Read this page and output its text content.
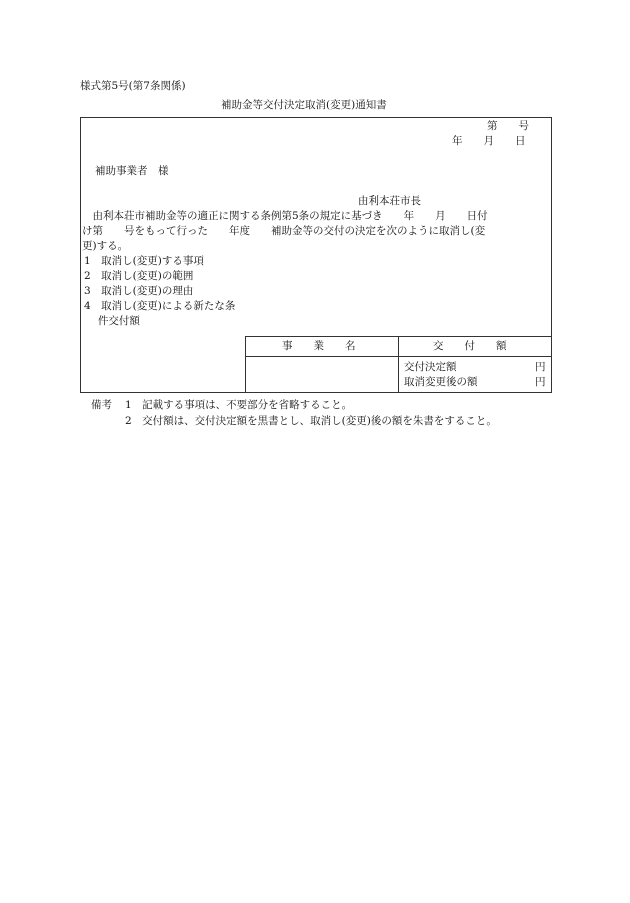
様式第5号(第7条関係)
補助金等交付決定取消(変更)通知書
第　　号
年　　月　　日
補助事業者　様
由利本荘市長
　由利本荘市補助金等の適正に関する条例第5条の規定に基づき　　年　　月　　日付
け第　　号をもって行った　　年度　　補助金等の交付の決定を次のように取消し(変
更)する。
1　取消し(変更)する事項
2　取消し(変更)の範囲
3　取消し(変更)の理由
4　取消し(変更)による新たな条
　 件交付額
事　　業　　名	交　　付　　額
交付決定額	円
取消変更後の額	円
備考 1　記載する事項は、不要部分を省略すること。
2　交付額は、交付決定額を黒書とし、取消し(変更)後の額を朱書をすること。
